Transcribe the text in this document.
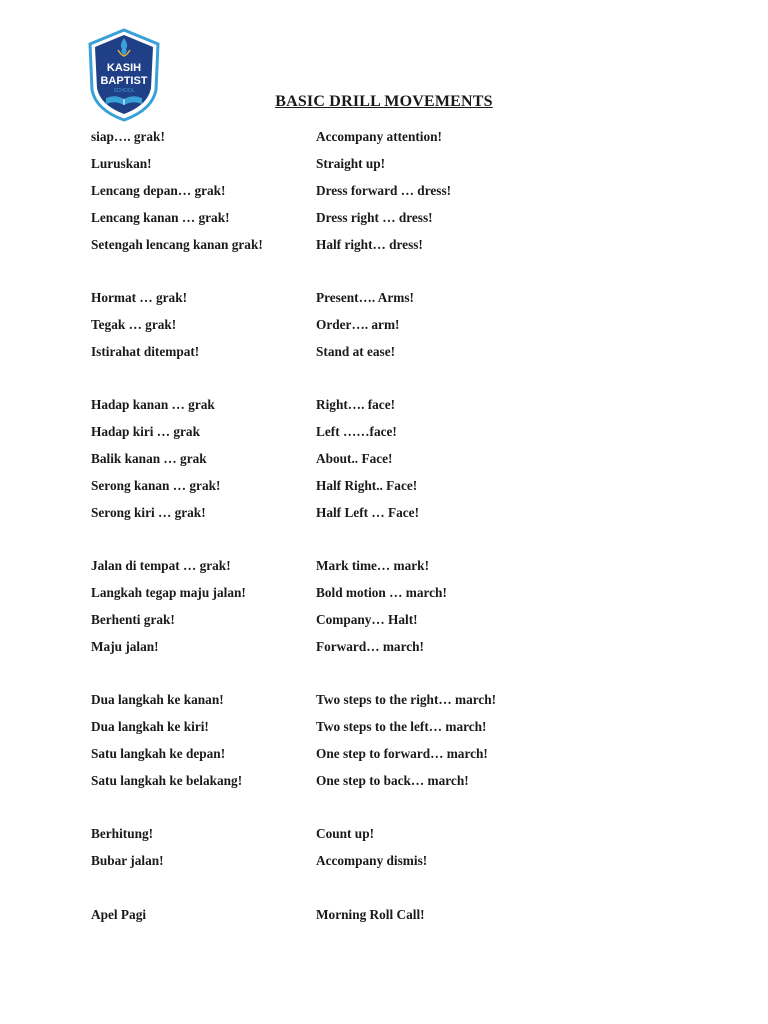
KASIH
BAPTIST
SCHOOL
BASIC DRILL MOVEMENTS
siap…. grak!	Accompany attention!
Luruskan!	Straight up!
Lencang depan… grak!	Dress forward … dress!
Lencang kanan … grak!	Dress right … dress!
Setengah lencang kanan grak!	Half right… dress!
Hormat … grak!	Present…. Arms!
Tegak … grak!	Order…. arm!
Istirahat ditempat!	Stand at ease!
Hadap kanan … grak	Right…. face!
Hadap kiri … grak	Left ……face!
Balik kanan … grak	About.. Face!
Serong kanan … grak!	Half Right.. Face!
Serong kiri … grak!	Half Left … Face!
Jalan di tempat … grak!	Mark time… mark!
Langkah tegap maju jalan!	Bold motion … march!
Berhenti grak!	Company… Halt!
Maju jalan!	Forward… march!
Dua langkah ke kanan!	Two steps to the right… march!
Dua langkah ke kiri!	Two steps to the left… march!
Satu langkah ke depan!	One step to forward… march!
Satu langkah ke belakang!	One step to back… march!
Berhitung!	Count up!
Bubar jalan!	Accompany dismis!
Apel Pagi	Morning Roll Call!
